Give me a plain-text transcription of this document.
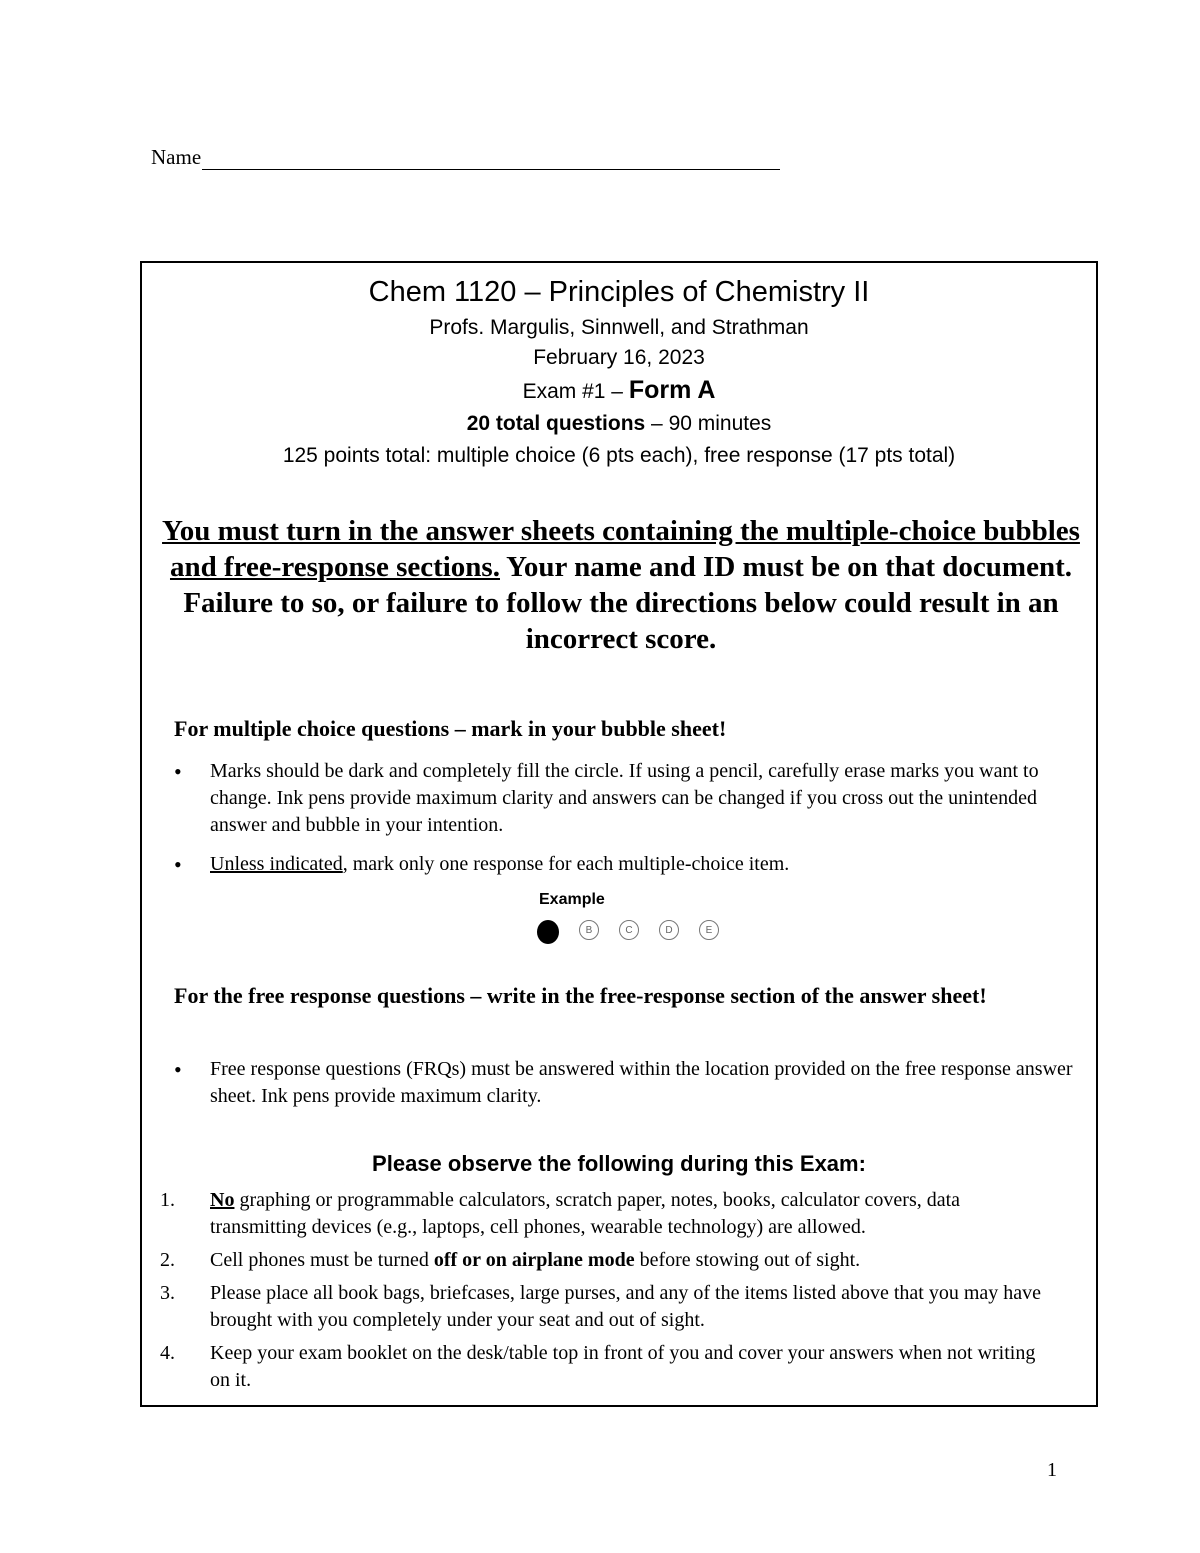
Name
Chem 1120 – Principles of Chemistry II
Profs. Margulis, Sinnwell, and Strathman
February 16, 2023
Exam #1 – Form A
20 total questions – 90 minutes
125 points total: multiple choice (6 pts each), free response (17 pts total)
You must turn in the answer sheets containing the multiple-choice bubbles and free-response sections. Your name and ID must be on that document. Failure to so, or failure to follow the directions below could result in an incorrect score.
For multiple choice questions – mark in your bubble sheet!
• Marks should be dark and completely fill the circle. If using a pencil, carefully erase marks you want to change. Ink pens provide maximum clarity and answers can be changed if you cross out the unintended answer and bubble in your intention.
• Unless indicated, mark only one response for each multiple-choice item.
Example
B	C	D	E
For the free response questions – write in the free-response section of the answer sheet!
• Free response questions (FRQs) must be answered within the location provided on the free response answer sheet. Ink pens provide maximum clarity.
Please observe the following during this Exam:
1. No graphing or programmable calculators, scratch paper, notes, books, calculator covers, data transmitting devices (e.g., laptops, cell phones, wearable technology) are allowed.
2. Cell phones must be turned off or on airplane mode before stowing out of sight.
3. Please place all book bags, briefcases, large purses, and any of the items listed above that you may have brought with you completely under your seat and out of sight.
4. Keep your exam booklet on the desk/table top in front of you and cover your answers when not writing on it.
1
